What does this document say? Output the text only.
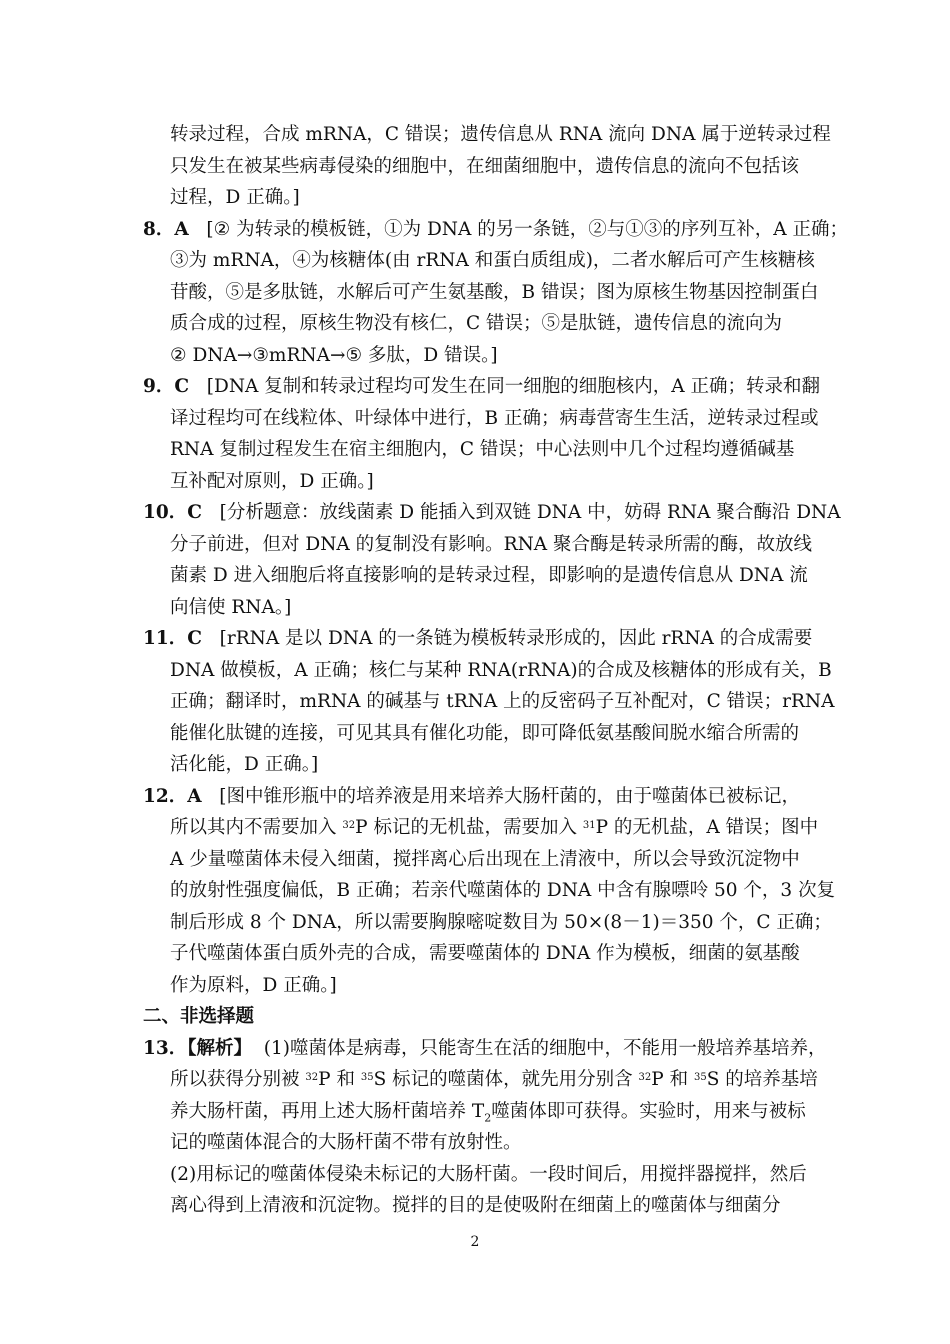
转录过程，合成 mRNA，C 错误；遗传信息从 RNA 流向 DNA 属于逆转录过程
只发生在被某些病毒侵染的细胞中，在细菌细胞中，遗传信息的流向不包括该
过程，D 正确。]
8．A [② 为转录的模板链，①为 DNA 的另一条链，②与①③的序列互补，A 正确；
③为 mRNA，④为核糖体(由 rRNA 和蛋白质组成)，二者水解后可产生核糖核
苷酸，⑤是多肽链，水解后可产生氨基酸，B 错误；图为原核生物基因控制蛋白
质合成的过程，原核生物没有核仁，C 错误；⑤是肽链，遗传信息的流向为
② DNA→③mRNA→⑤ 多肽，D 错误。]
9．C [DNA 复制和转录过程均可发生在同一细胞的细胞核内，A 正确；转录和翻
译过程均可在线粒体、叶绿体中进行，B 正确；病毒营寄生生活，逆转录过程或
RNA 复制过程发生在宿主细胞内，C 错误；中心法则中几个过程均遵循碱基
互补配对原则，D 正确。]
10．C [分析题意：放线菌素 D 能插入到双链 DNA 中，妨碍 RNA 聚合酶沿 DNA
分子前进，但对 DNA 的复制没有影响。RNA 聚合酶是转录所需的酶，故放线
菌素 D 进入细胞后将直接影响的是转录过程，即影响的是遗传信息从 DNA 流
向信使 RNA。]
11．C [rRNA 是以 DNA 的一条链为模板转录形成的，因此 rRNA 的合成需要
DNA 做模板，A 正确；核仁与某种 RNA(rRNA)的合成及核糖体的形成有关，B
正确；翻译时，mRNA 的碱基与 tRNA 上的反密码子互补配对，C 错误；rRNA
能催化肽键的连接，可见其具有催化功能，即可降低氨基酸间脱水缩合所需的
活化能，D 正确。]
12．A [图中锥形瓶中的培养液是用来培养大肠杆菌的，由于噬菌体已被标记，
所以其内不需要加入 $^{32}$P 标记的无机盐，需要加入 $^{31}$P 的无机盐，A 错误；图中
A 少量噬菌体未侵入细菌，搅拌离心后出现在上清液中，所以会导致沉淀物中
的放射性强度偏低，B 正确；若亲代噬菌体的 DNA 中含有腺嘌呤 50 个，3 次复
制后形成 8 个 DNA，所以需要胸腺嘧啶数目为 50×(8－1)＝350 个，C 正确；
子代噬菌体蛋白质外壳的合成，需要噬菌体的 DNA 作为模板，细菌的氨基酸
作为原料，D 正确。]
二、非选择题
13．【解析】 (1)噬菌体是病毒，只能寄生在活的细胞中，不能用一般培养基培养，
所以获得分别被 $^{32}$P 和 $^{35}$S 标记的噬菌体，就先用分别含 $^{32}$P 和 $^{35}$S 的培养基培
养大肠杆菌，再用上述大肠杆菌培养 $T_2$噬菌体即可获得。实验时，用来与被标
记的噬菌体混合的大肠杆菌不带有放射性。
(2)用标记的噬菌体侵染未标记的大肠杆菌。一段时间后，用搅拌器搅拌，然后
离心得到上清液和沉淀物。搅拌的目的是使吸附在细菌上的噬菌体与细菌分
2
